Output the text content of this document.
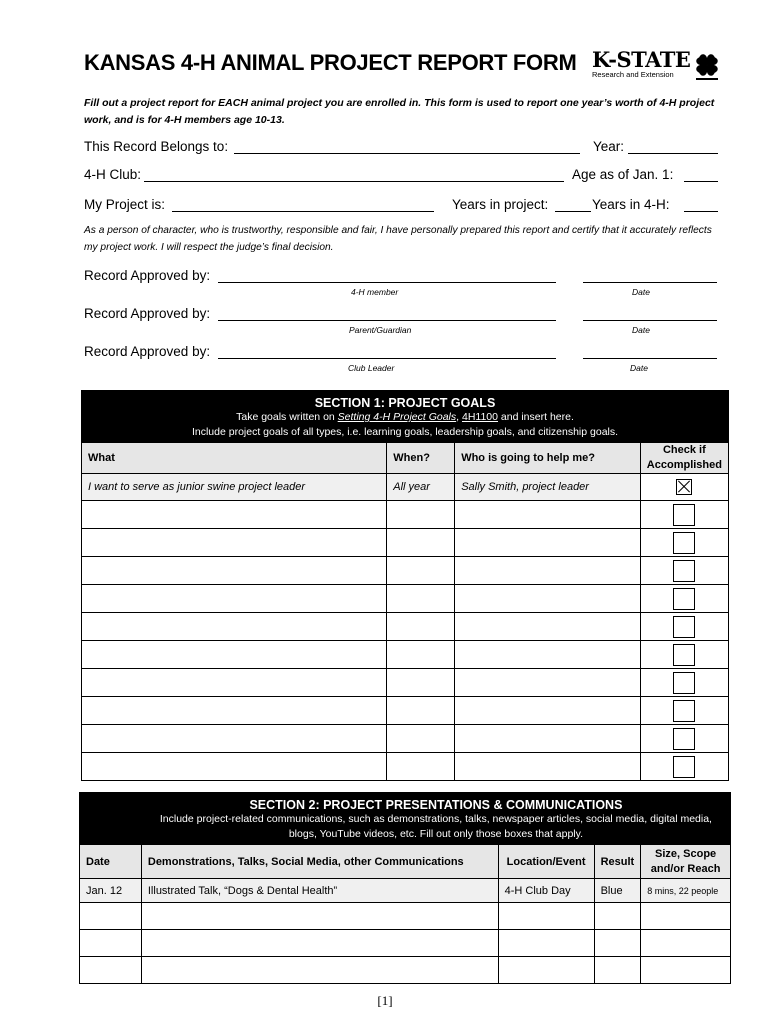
KANSAS 4-H ANIMAL PROJECT REPORT FORM K-STATE
Research and Extension
Fill out a project report for EACH animal project you are enrolled in. This form is used to report one year’s worth of 4-H project work, and is for 4-H members age 10-13.
This Record Belongs to:	Year:
4-H Club:	Age as of Jan. 1:
My Project is:	Years in project:	Years in 4-H:
As a person of character, who is trustworthy, responsible and fair, I have personally prepared this report and certify that it accurately reflects my project work. I will respect the judge’s final decision.
Record Approved by:
4-H member	Date
Record Approved by:
Parent/Guardian	Date
Record Approved by:
Club Leader	Date
SECTION 1: PROJECT GOALS
Take goals written on Setting 4-H Project Goals, 4H1100 and insert here.
Include project goals of all types, i.e. learning goals, leadership goals, and citizenship goals.			

What	When?	Who is going to help me?	Check if Accomplished
I want to serve as junior swine project leader	All year	Sally Smith, project leader	

	SECTION 2: PROJECT PRESENTATIONS & COMMUNICATIONS
Include project-related communications, such as demonstrations, talks, newspaper articles, social media, digital media, blogs, YouTube videos, etc. Fill out only those boxes that apply.			

Date	Demonstrations, Talks, Social Media, other Communications	Location/Event	Result	Size, Scope and/or Reach
Jan. 12	Illustrated Talk, “Dogs & Dental Health”	4-H Club Day	Blue	8 mins, 22 people

[1]
